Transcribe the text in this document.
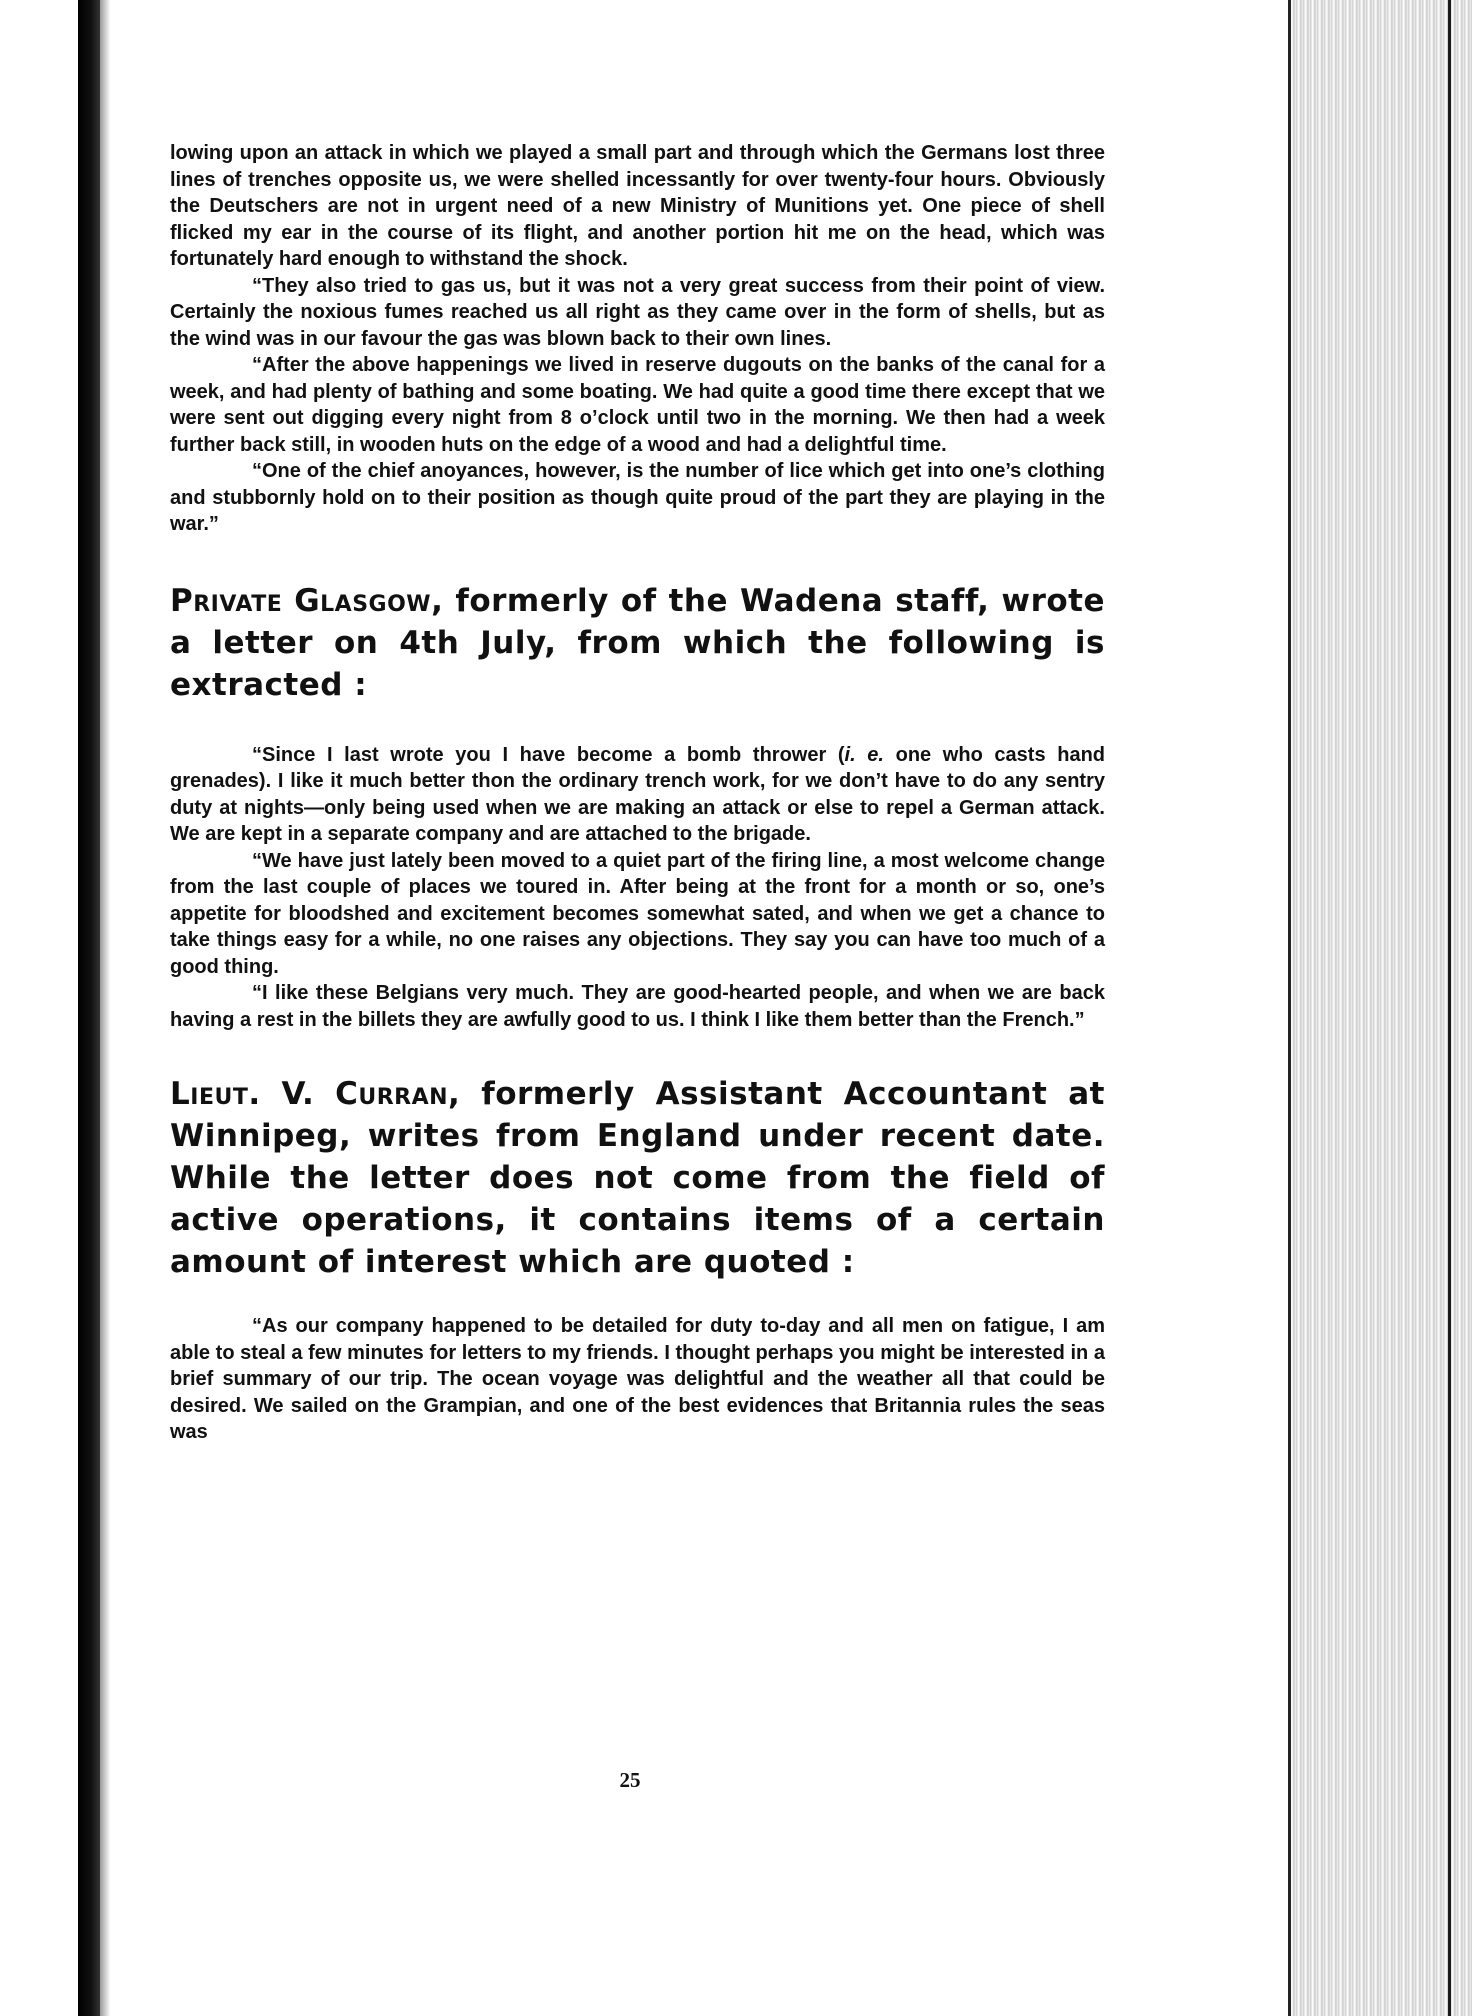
lowing upon an attack in which we played a small part and through which the Germans lost three lines of trenches opposite us, we were shelled incessantly for over twenty-four hours. Obviously the Deutschers are not in urgent need of a new Ministry of Munitions yet. One piece of shell flicked my ear in the course of its flight, and another portion hit me on the head, which was fortunately hard enough to withstand the shock.

“They also tried to gas us, but it was not a very great success from their point of view. Certainly the noxious fumes reached us all right as they came over in the form of shells, but as the wind was in our favour the gas was blown back to their own lines.

“After the above happenings we lived in reserve dugouts on the banks of the canal for a week, and had plenty of bathing and some boating. We had quite a good time there except that we were sent out digging every night from 8 o’clock until two in the morning. We then had a week further back still, in wooden huts on the edge of a wood and had a delightful time.

“One of the chief anoyances, however, is the number of lice which get into one’s clothing and stubbornly hold on to their position as though quite proud of the part they are playing in the war.”

Private Glasgow, formerly of the Wadena staff, wrote a letter on 4th July, from which the following is extracted :

“Since I last wrote you I have become a bomb thrower (i. e. one who casts hand grenades). I like it much better thon the ordinary trench work, for we don’t have to do any sentry duty at nights—only being used when we are making an attack or else to repel a German attack. We are kept in a separate company and are attached to the brigade.

“We have just lately been moved to a quiet part of the firing line, a most welcome change from the last couple of places we toured in. After being at the front for a month or so, one’s appetite for bloodshed and excitement becomes somewhat sated, and when we get a chance to take things easy for a while, no one raises any objections. They say you can have too much of a good thing.

“I like these Belgians very much. They are good-hearted people, and when we are back having a rest in the billets they are awfully good to us. I think I like them better than the French.”

Lieut. V. Curran, formerly Assistant Accountant at Winnipeg, writes from England under recent date. While the letter does not come from the field of active operations, it contains items of a certain amount of interest which are quoted :

“As our company happened to be detailed for duty to-day and all men on fatigue, I am able to steal a few minutes for letters to my friends. I thought perhaps you might be interested in a brief summary of our trip. The ocean voyage was delightful and the weather all that could be desired. We sailed on the Grampian, and one of the best evidences that Britannia rules the seas was

25
